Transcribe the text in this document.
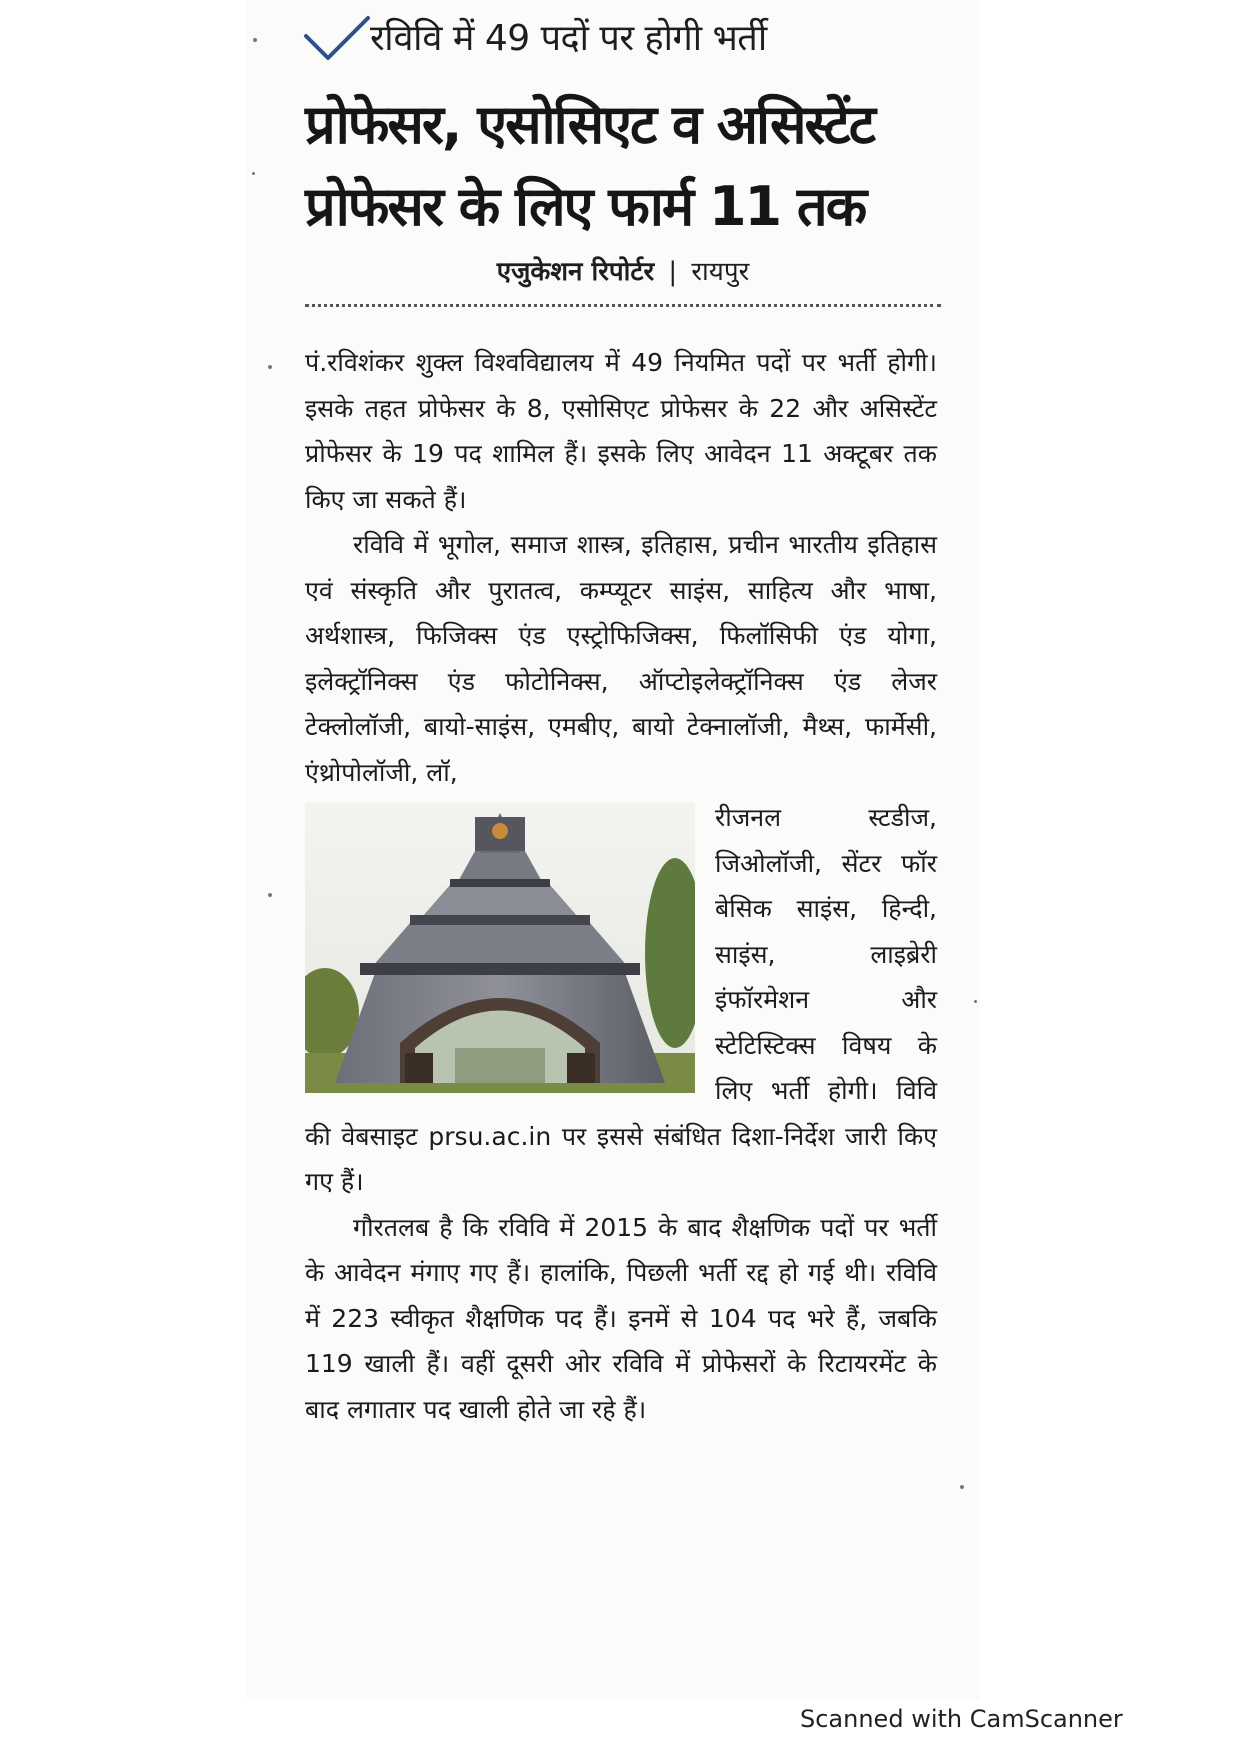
रविवि में 49 पदों पर होगी भर्ती
प्रोफेसर, एसोसिएट व असिस्टेंट
प्रोफेसर के लिए फार्म 11 तक
एजुकेशन रिपोर्टर | रायपुर

पं.रविशंकर शुक्ल विश्वविद्यालय में 49 नियमित पदों पर भर्ती होगी। इसके तहत प्रोफेसर के 8, एसोसिएट प्रोफेसर के 22 और असिस्टेंट प्रोफेसर के 19 पद शामिल हैं। इसके लिए आवेदन 11 अक्टूबर तक किए जा सकते हैं।

रविवि में भूगोल, समाज शास्त्र, इतिहास, प्रचीन भारतीय इतिहास एवं संस्कृति और पुरातत्व, कम्प्यूटर साइंस, साहित्य और भाषा, अर्थशास्त्र, फिजिक्स एंड एस्ट्रोफिजिक्स, फिलॉसिफी एंड योगा, इलेक्ट्रॉनिक्स एंड फोटोनिक्स, ऑप्टोइलेक्ट्रॉनिक्स एंड लेजर टेक्लोलॉजी, बायो-साइंस, एमबीए, बायो टेक्नालॉजी, मैथ्स, फार्मेसी, एंथ्रोपोलॉजी, लॉ,

रीजनल स्टडीज, जिओलॉजी, सेंटर फॉर बेसिक साइंस, हिन्दी, साइंस, लाइब्रेरी इंफॉरमेशन और स्टेटिस्टिक्स विषय के लिए भर्ती होगी। विवि की वेबसाइट prsu.ac.in पर इससे संबंधित दिशा-निर्देश जारी किए गए हैं।

गौरतलब है कि रविवि में 2015 के बाद शैक्षणिक पदों पर भर्ती के आवेदन मंगाए गए हैं। हालांकि, पिछली भर्ती रद्द हो गई थी। रविवि में 223 स्वीकृत शैक्षणिक पद हैं। इनमें से 104 पद भरे हैं, जबकि 119 खाली हैं। वहीं दूसरी ओर रविवि में प्रोफेसरों के रिटायरमेंट के बाद लगातार पद खाली होते जा रहे हैं।

Scanned with CamScanner
